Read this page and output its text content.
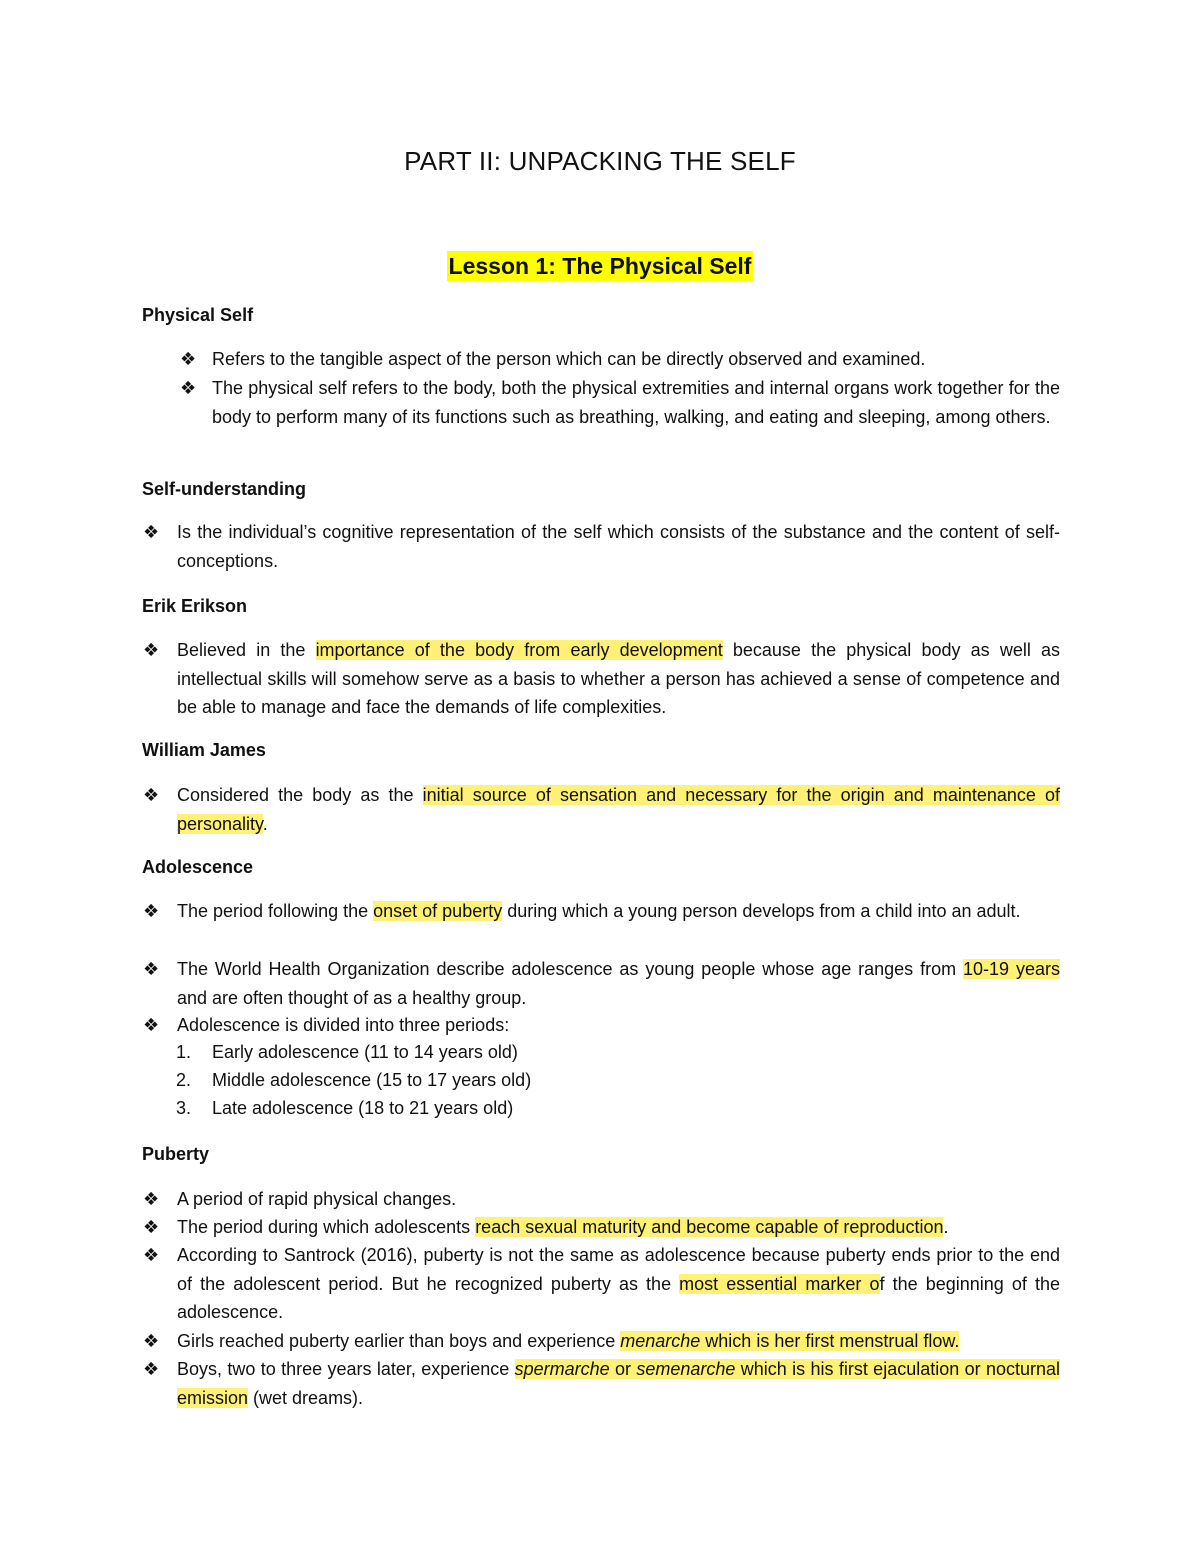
PART II: UNPACKING THE SELF
Lesson 1: The Physical Self
Physical Self
❖ Refers to the tangible aspect of the person which can be directly observed and examined.
❖ The physical self refers to the body, both the physical extremities and internal organs work together for the body to perform many of its functions such as breathing, walking, and eating and sleeping, among others.
Self-understanding
❖ Is the individual’s cognitive representation of the self which consists of the substance and the content of self-conceptions.
Erik Erikson
❖ Believed in the importance of the body from early development because the physical body as well as intellectual skills will somehow serve as a basis to whether a person has achieved a sense of competence and be able to manage and face the demands of life complexities.
William James
❖ Considered the body as the initial source of sensation and necessary for the origin and maintenance of personality.
Adolescence
❖ The period following the onset of puberty during which a young person develops from a child into an adult.
❖ The World Health Organization describe adolescence as young people whose age ranges from 10-19 years and are often thought of as a healthy group.
❖ Adolescence is divided into three periods:
1. Early adolescence (11 to 14 years old)
2. Middle adolescence (15 to 17 years old)
3. Late adolescence (18 to 21 years old)
Puberty
❖ A period of rapid physical changes.
❖ The period during which adolescents reach sexual maturity and become capable of reproduction.
❖ According to Santrock (2016), puberty is not the same as adolescence because puberty ends prior to the end of the adolescent period. But he recognized puberty as the most essential marker of the beginning of the adolescence.
❖ Girls reached puberty earlier than boys and experience menarche which is her first menstrual flow.
❖ Boys, two to three years later, experience spermarche or semenarche which is his first ejaculation or nocturnal emission (wet dreams).
